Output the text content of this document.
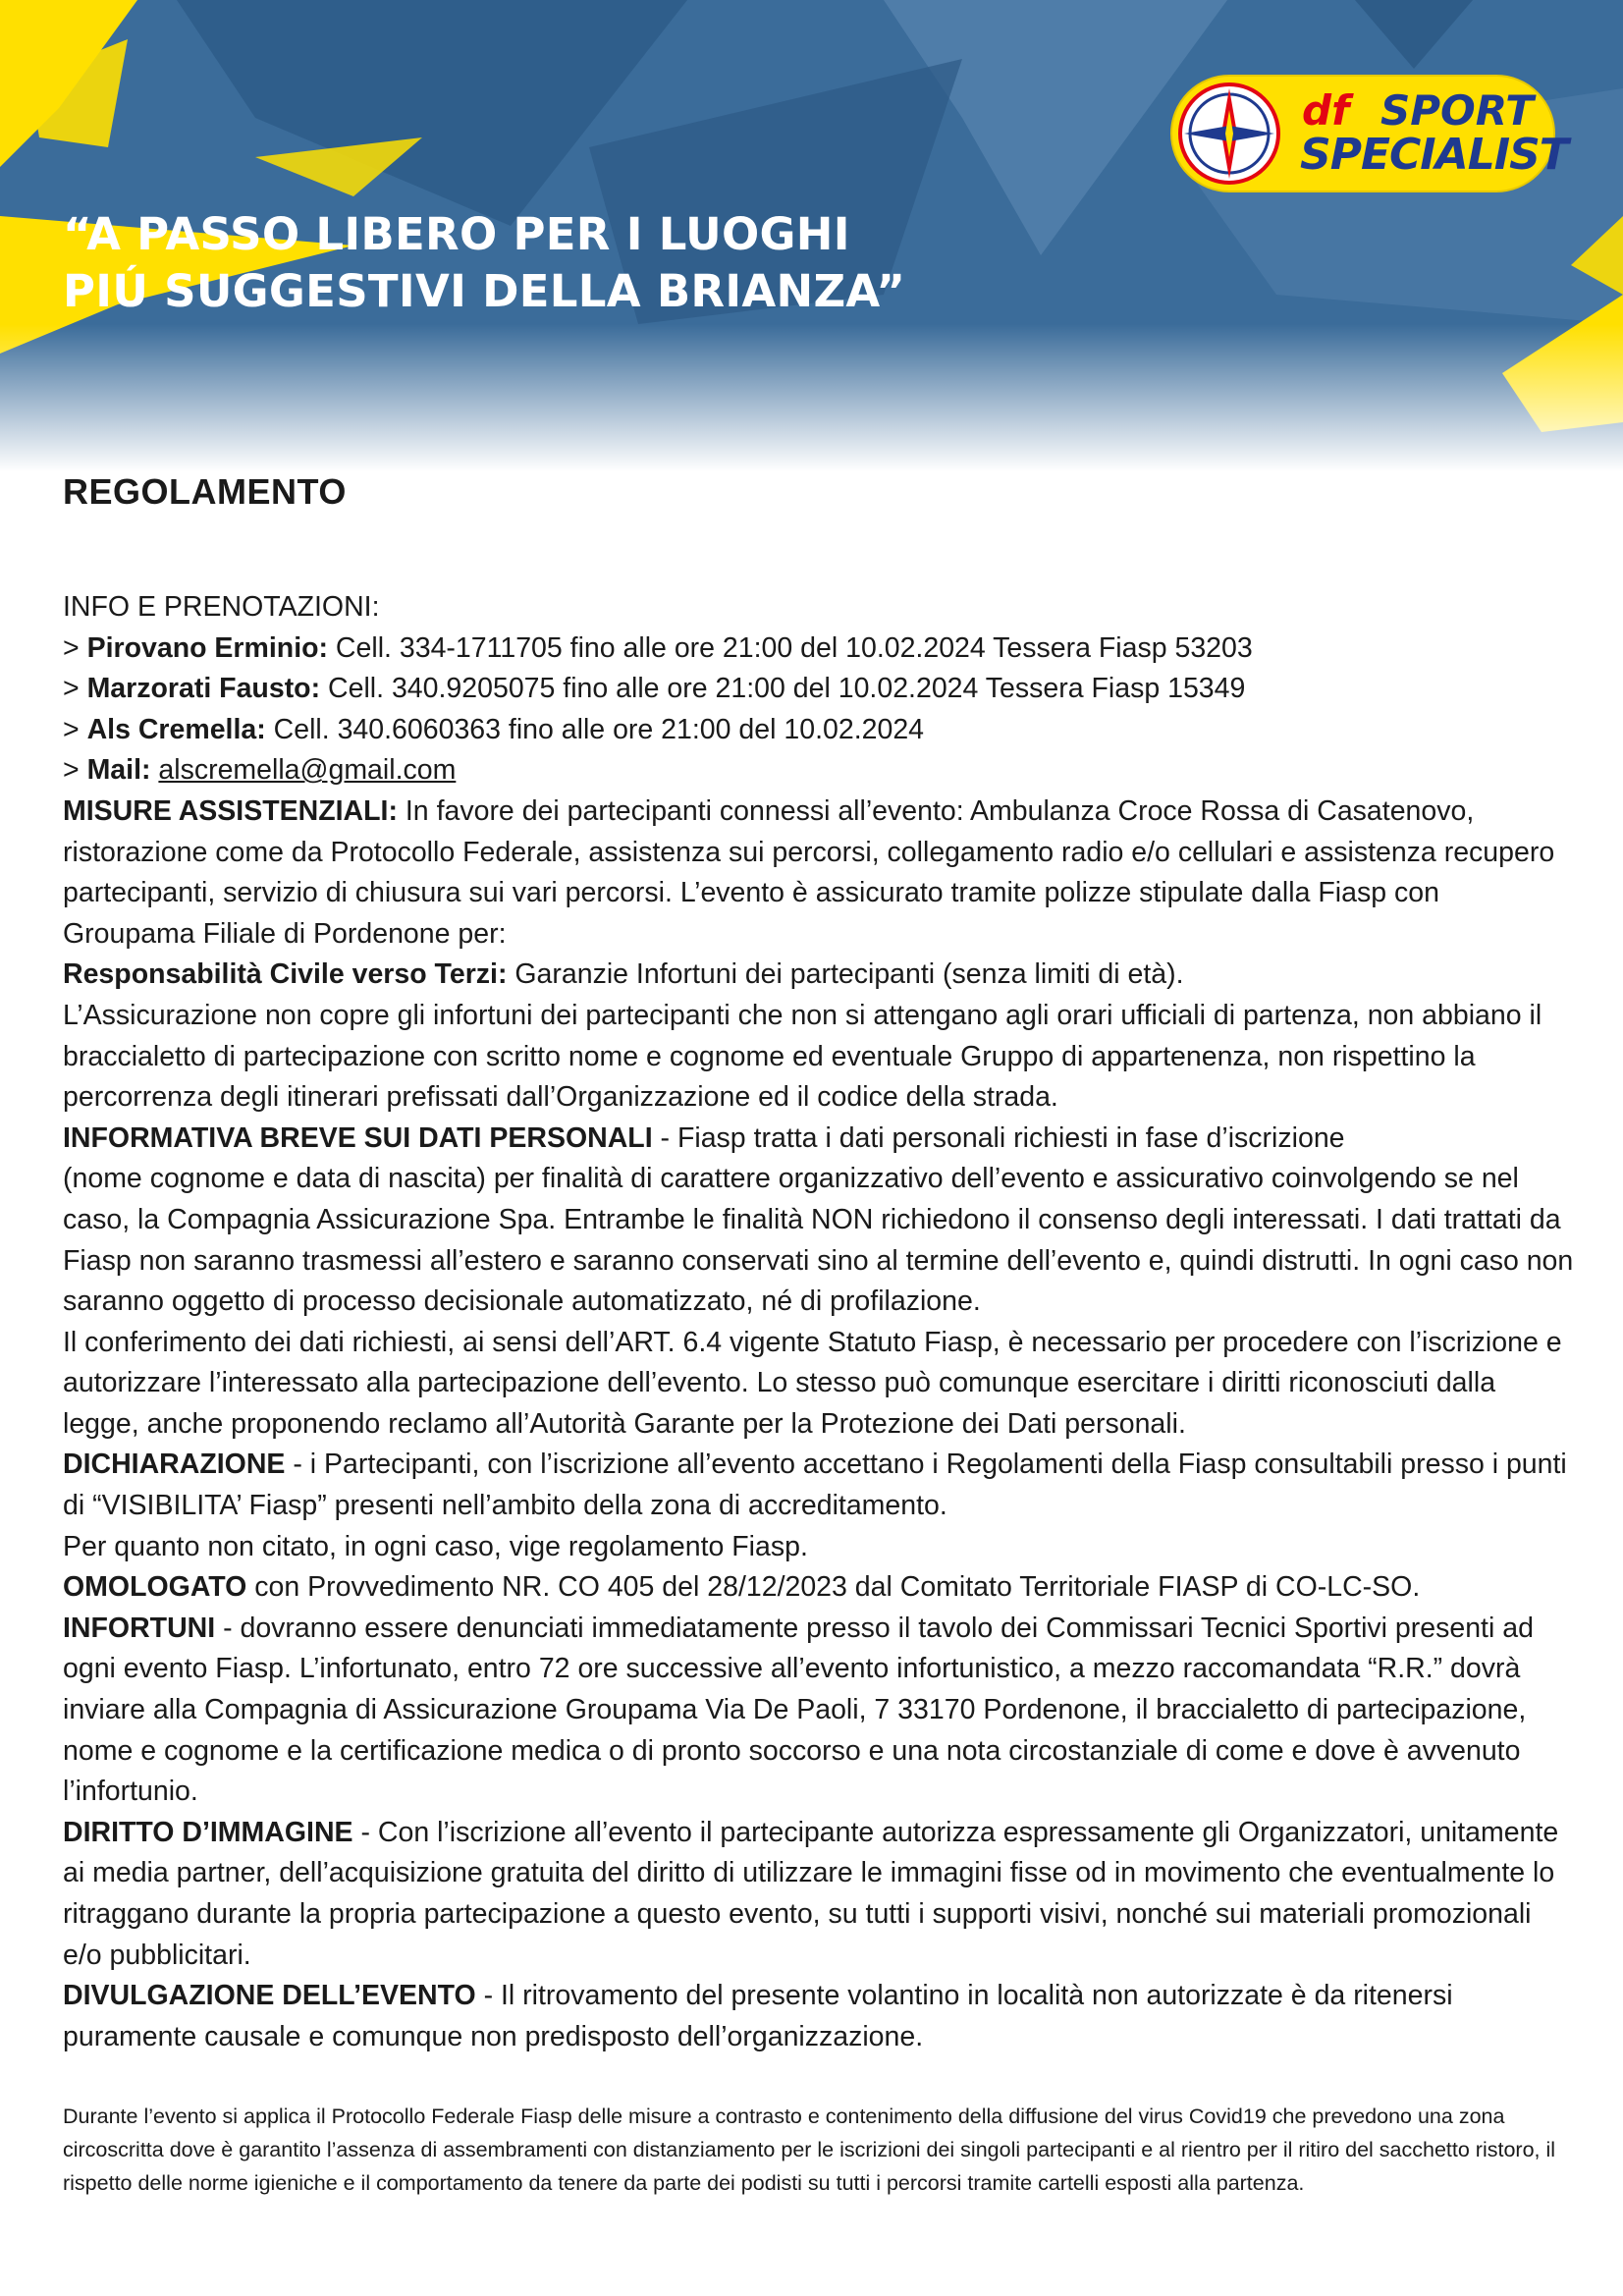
“A PASSO LIBERO PER I LUOGHI
PIÚ SUGGESTIVI DELLA BRIANZA”
df SPORT
SPECIALIST
REGOLAMENTO

INFO E PRENOTAZIONI:

> Pirovano Erminio: Cell. 334-1711705 fino alle ore 21:00 del 10.02.2024 Tessera Fiasp 53203

> Marzorati Fausto: Cell. 340.9205075 fino alle ore 21:00 del 10.02.2024 Tessera Fiasp 15349

> Als Cremella: Cell. 340.6060363 fino alle ore 21:00 del 10.02.2024

> Mail: alscremella@gmail.com

MISURE ASSISTENZIALI: In favore dei partecipanti connessi all’evento: Ambulanza Croce Rossa di Casatenovo, ristorazione come da Protocollo Federale, assistenza sui percorsi, collegamento radio e/o cellulari e assistenza recupero partecipanti, servizio di chiusura sui vari percorsi. L’evento è assicurato tramite polizze stipulate dalla Fiasp con Groupama Filiale di Pordenone per:

Responsabilità Civile verso Terzi: Garanzie Infortuni dei partecipanti (senza limiti di età).

L’Assicurazione non copre gli infortuni dei partecipanti che non si attengano agli orari ufficiali di partenza, non abbiano il braccialetto di partecipazione con scritto nome e cognome ed eventuale Gruppo di appartenenza, non rispettino la percorrenza degli itinerari prefissati dall’Organizzazione ed il codice della strada.

INFORMATIVA BREVE SUI DATI PERSONALI - Fiasp tratta i dati personali richiesti in fase d’iscrizione

(nome cognome e data di nascita) per finalità di carattere organizzativo dell’evento e assicurativo coinvolgendo se nel caso, la Compagnia Assicurazione Spa. Entrambe le finalità NON richiedono il consenso degli interessati. I dati trattati da Fiasp non saranno trasmessi all’estero e saranno conservati sino al termine dell’evento e, quindi distrutti. In ogni caso non saranno oggetto di processo decisionale automatizzato, né di profilazione.

Il conferimento dei dati richiesti, ai sensi dell’ART. 6.4 vigente Statuto Fiasp, è necessario per procedere con l’iscrizione e autorizzare l’interessato alla partecipazione dell’evento. Lo stesso può comunque esercitare i diritti riconosciuti dalla legge, anche proponendo reclamo all’Autorità Garante per la Protezione dei Dati personali.

DICHIARAZIONE - i Partecipanti, con l’iscrizione all’evento accettano i Regolamenti della Fiasp consultabili presso i punti di “VISIBILITA’ Fiasp” presenti nell’ambito della zona di accreditamento.

Per quanto non citato, in ogni caso, vige regolamento Fiasp.

OMOLOGATO con Provvedimento NR. CO 405 del 28/12/2023 dal Comitato Territoriale FIASP di CO-LC-SO.

INFORTUNI - dovranno essere denunciati immediatamente presso il tavolo dei Commissari Tecnici Sportivi presenti ad ogni evento Fiasp. L’infortunato, entro 72 ore successive all’evento infortunistico, a mezzo raccomandata “R.R.” dovrà inviare alla Compagnia di Assicurazione Groupama Via De Paoli, 7 33170 Pordenone, il braccialetto di partecipazione, nome e cognome e la certificazione medica o di pronto soccorso e una nota circostanziale di come e dove è avvenuto l’infortunio.

DIRITTO D’IMMAGINE - Con l’iscrizione all’evento il partecipante autorizza espressamente gli Organizzatori, unitamente ai media partner, dell’acquisizione gratuita del diritto di utilizzare le immagini fisse od in movimento che eventualmente lo ritraggano durante la propria partecipazione a questo evento, su tutti i supporti visivi, nonché sui materiali promozionali e/o pubblicitari.

DIVULGAZIONE DELL’EVENTO - Il ritrovamento del presente volantino in località non autorizzate è da ritenersi puramente causale e comunque non predisposto dell’organizzazione.

Durante l’evento si applica il Protocollo Federale Fiasp delle misure a contrasto e contenimento della diffusione del virus Covid19 che prevedono una zona circoscritta dove è garantito l’assenza di assembramenti con distanziamento per le iscrizioni dei singoli partecipanti e al rientro per il ritiro del sacchetto ristoro, il rispetto delle norme igieniche e il comportamento da tenere da parte dei podisti su tutti i percorsi tramite cartelli esposti alla partenza.
